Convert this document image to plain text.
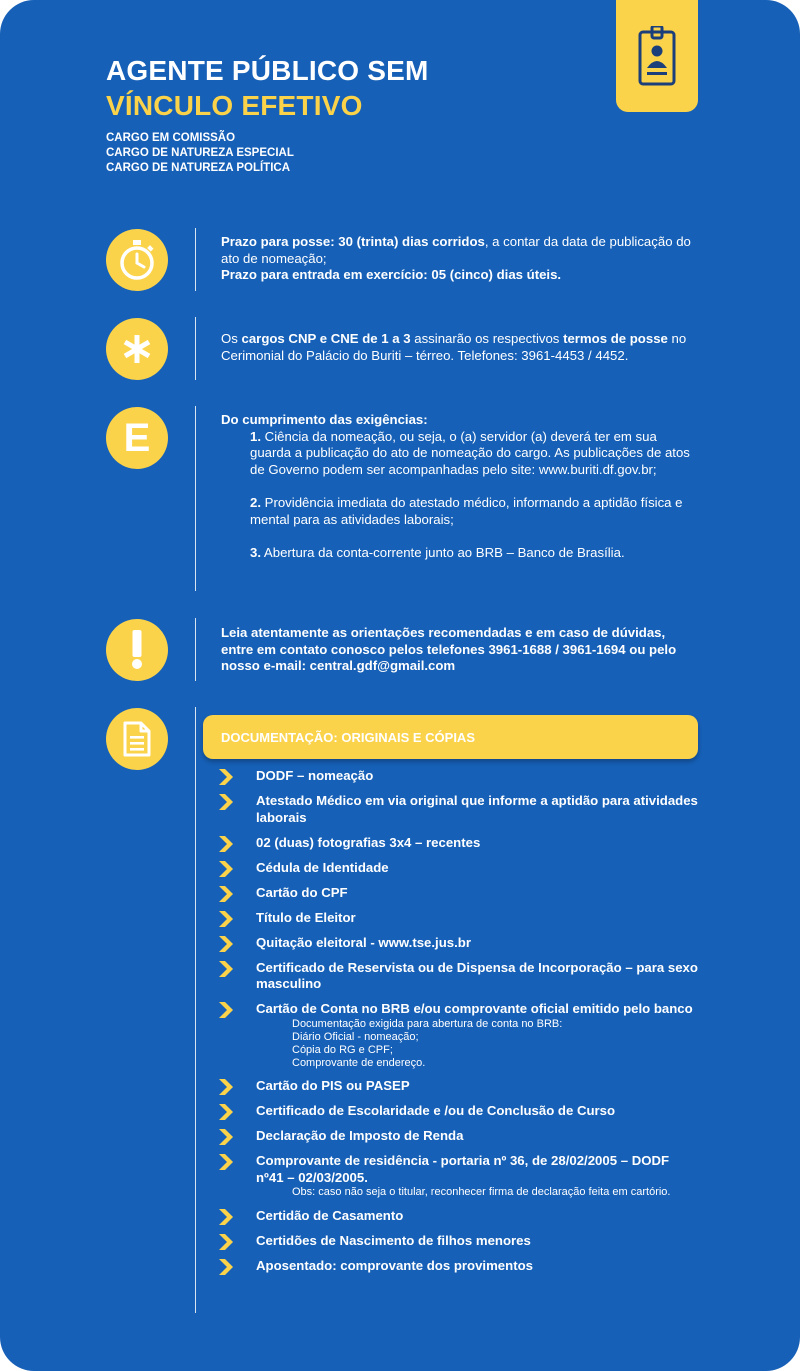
AGENTE PÚBLICO SEM
VÍNCULO EFETIVO
CARGO EM COMISSÃO
CARGO DE NATUREZA ESPECIAL
CARGO DE NATUREZA POLÍTICA
Prazo para posse: 30 (trinta) dias corridos, a contar da data de publicação do ato de nomeação;
Prazo para entrada em exercício: 05 (cinco) dias úteis.
Os cargos CNP e CNE de 1 a 3 assinarão os respectivos termos de posse no Cerimonial do Palácio do Buriti – térreo. Telefones: 3961-4453 / 4452.
E	Do cumprimento das exigências:
1. Ciência da nomeação, ou seja, o (a) servidor (a) deverá ter em sua guarda a publicação do ato de nomeação do cargo. As publicações de atos de Governo podem ser acompanhadas pelo site: www.buriti.df.gov.br;
2. Providência imediata do atestado médico, informando a aptidão física e mental para as atividades laborais;
3. Abertura da conta-corrente junto ao BRB – Banco de Brasília.
Leia atentamente as orientações recomendadas e em caso de dúvidas, entre em contato conosco pelos telefones 3961-1688 / 3961-1694 ou pelo nosso e-mail: central.gdf@gmail.com
DOCUMENTAÇÃO: ORIGINAIS E CÓPIAS
DODF – nomeação
Atestado Médico em via original que informe a aptidão para atividades laborais
02 (duas) fotografias 3x4 – recentes
Cédula de Identidade
Cartão do CPF
Título de Eleitor
Quitação eleitoral - www.tse.jus.br
Certificado de Reservista ou de Dispensa de Incorporação – para sexo masculino
Cartão de Conta no BRB e/ou comprovante oficial emitido pelo banco
Documentação exigida para abertura de conta no BRB:
Diário Oficial - nomeação;
Cópia do RG e CPF;
Comprovante de endereço.
Cartão do PIS ou PASEP
Certificado de Escolaridade e /ou de Conclusão de Curso
Declaração de Imposto de Renda
Comprovante de residência - portaria nº 36, de 28/02/2005 – DODF nº41 – 02/03/2005.
Obs: caso não seja o titular, reconhecer firma de declaração feita em cartório.
Certidão de Casamento
Certidões de Nascimento de filhos menores
Aposentado: comprovante dos provimentos
